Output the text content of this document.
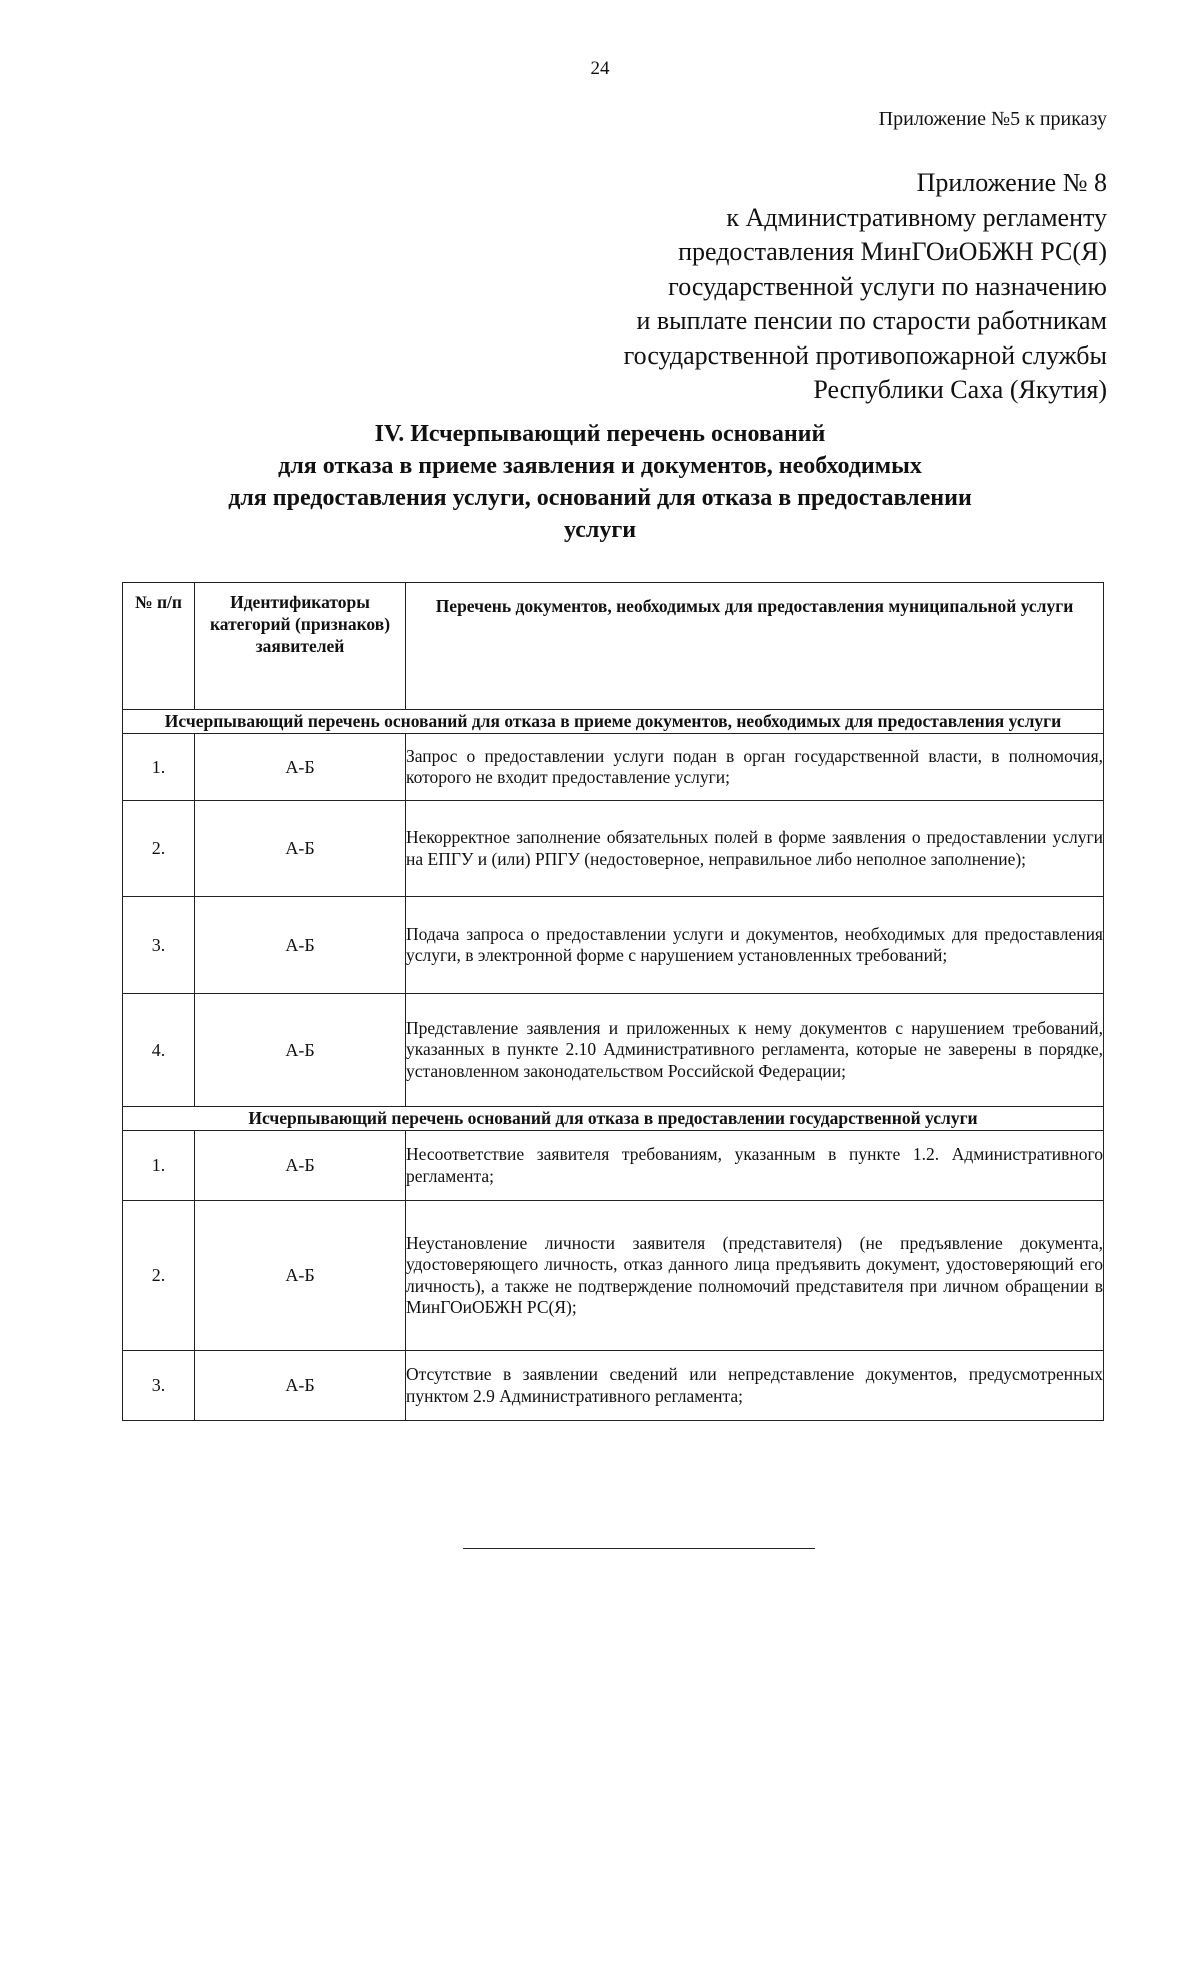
24
Приложение №5 к приказу
Приложение № 8
к Административному регламенту
предоставления МинГОиОБЖН РС(Я)
государственной услуги по назначению
и выплате пенсии по старости работникам
государственной противопожарной службы
Республики Саха (Якутия)
IV. Исчерпывающий перечень оснований
для отказа в приеме заявления и документов, необходимых
для предоставления услуги, оснований для отказа в предоставлении
услуги
№ п/п	Идентификаторы категорий (признаков) заявителей	Перечень документов, необходимых для предоставления муниципальной услуги
Исчерпывающий перечень оснований для отказа в приеме документов, необходимых для предоставления услуги		
1.	А-Б	Запрос о предоставлении услуги подан в орган государственной власти, в полномочия, которого не входит предоставление услуги;
2.	А-Б	Некорректное заполнение обязательных полей в форме заявления о предоставлении услуги на ЕПГУ и (или) РПГУ (недостоверное, неправильное либо неполное заполнение);
3.	А-Б	Подача запроса о предоставлении услуги и документов, необходимых для предоставления услуги, в электронной форме с нарушением установленных требований;
4.	А-Б	Представление заявления и приложенных к нему документов с нарушением требований, указанных в пункте 2.10 Административного регламента, которые не заверены в порядке, установленном законодательством Российской Федерации;
Исчерпывающий перечень оснований для отказа в предоставлении государственной услуги		
1.	А-Б	Несоответствие заявителя требованиям, указанным в пункте 1.2. Административного регламента;
2.	А-Б	Неустановление личности заявителя (представителя) (не предъявление документа, удостоверяющего личность, отказ данного лица предъявить документ, удостоверяющий его личность), а также не подтверждение полномочий представителя при личном обращении в МинГОиОБЖН РС(Я);
3.	А-Б	Отсутствие в заявлении сведений или непредставление документов, предусмотренных пунктом 2.9 Административного регламента;
